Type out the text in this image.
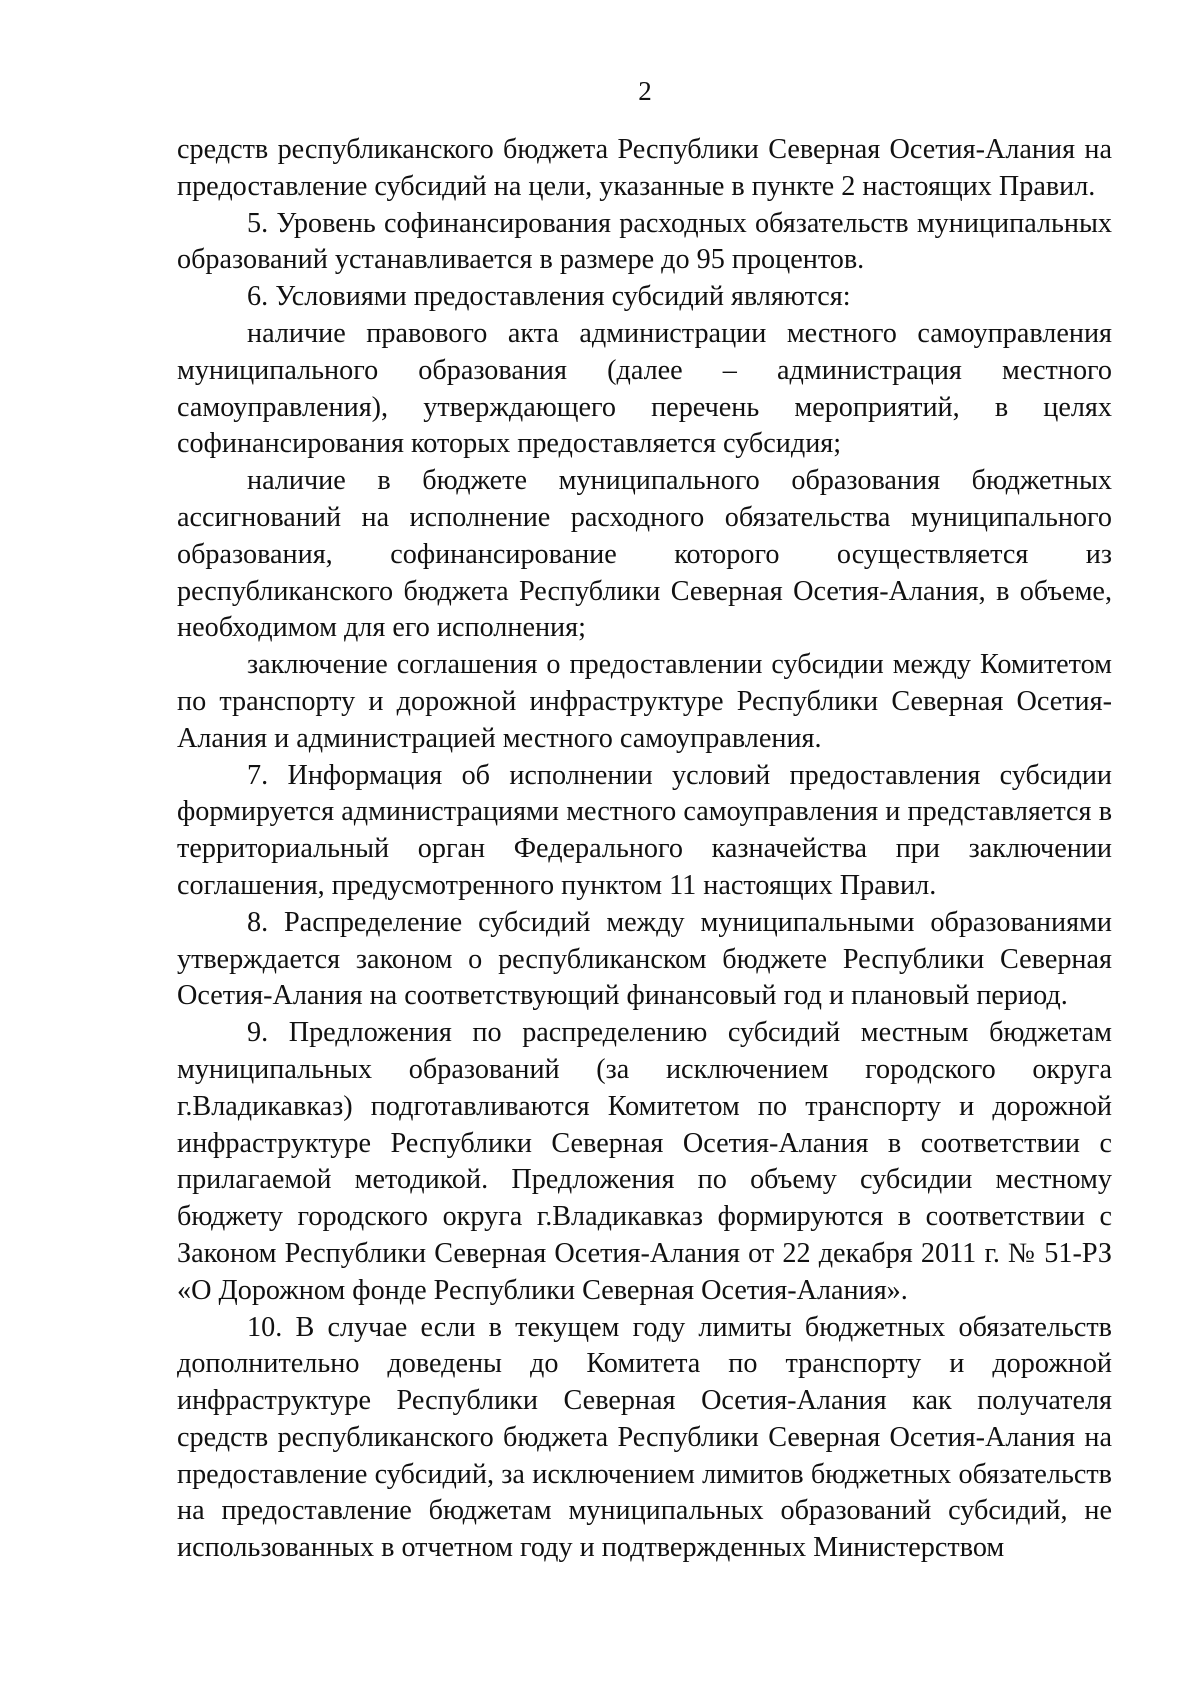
2

средств республиканского бюджета Республики Северная Осетия-Алания на предоставление субсидий на цели, указанные в пункте 2 настоящих Правил.

5. Уровень софинансирования расходных обязательств муниципальных образований устанавливается в размере до 95 процентов.

6. Условиями предоставления субсидий являются:

наличие правового акта администрации местного самоуправления муниципального образования (далее – администрация местного самоуправления), утверждающего перечень мероприятий, в целях софинансирования которых предоставляется субсидия;

наличие в бюджете муниципального образования бюджетных ассигнований на исполнение расходного обязательства муниципального образования, софинансирование которого осуществляется из республиканского бюджета Республики Северная Осетия-Алания, в объеме, необходимом для его исполнения;

заключение соглашения о предоставлении субсидии между Комитетом по транспорту и дорожной инфраструктуре Республики Северная Осетия-Алания и администрацией местного самоуправления.

7. Информация об исполнении условий предоставления субсидии формируется администрациями местного самоуправления и представляется в территориальный орган Федерального казначейства при заключении соглашения, предусмотренного пунктом 11 настоящих Правил.

8. Распределение субсидий между муниципальными образованиями утверждается законом о республиканском бюджете Республики Северная Осетия-Алания на соответствующий финансовый год и плановый период.

9. Предложения по распределению субсидий местным бюджетам муниципальных образований (за исключением городского округа г.Владикавказ) подготавливаются Комитетом по транспорту и дорожной инфраструктуре Республики Северная Осетия-Алания в соответствии с прилагаемой методикой. Предложения по объему субсидии местному бюджету городского округа г.Владикавказ формируются в соответствии с Законом Республики Северная Осетия-Алания от 22 декабря 2011 г. № 51-РЗ «О Дорожном фонде Республики Северная Осетия-Алания».

10. В случае если в текущем году лимиты бюджетных обязательств дополнительно доведены до Комитета по транспорту и дорожной инфраструктуре Республики Северная Осетия-Алания как получателя средств республиканского бюджета Республики Северная Осетия-Алания на предоставление субсидий, за исключением лимитов бюджетных обязательств на предоставление бюджетам муниципальных образований субсидий, не использованных в отчетном году и подтвержденных Министерством
